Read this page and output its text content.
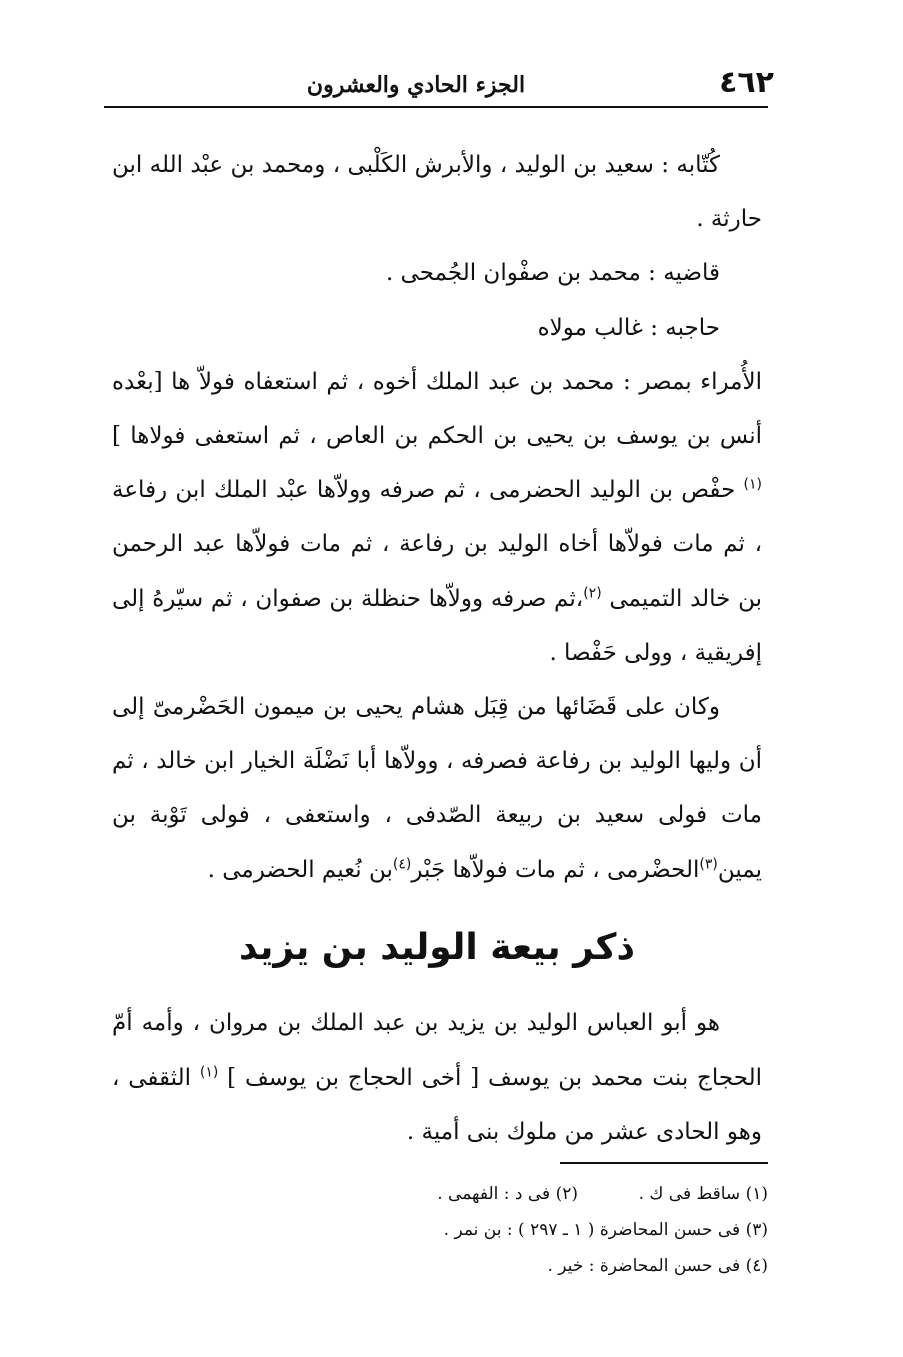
٤٦٢
الجزء الحادي والعشرون

كُتّابه : سعيد بن الوليد ، والأبرش الكَلْبى ، ومحمد بن عبْد الله ابن حارثة .

قاضيه : محمد بن صفْوان الجُمحى .

حاجبه : غالب مولاه

الأُمراء بمصر : محمد بن عبد الملك أخوه ، ثم استعفاه فولاّ ها [بعْده أنس بن يوسف بن يحيى بن الحكم بن العاص ، ثم استعفى فولاها ] $^{(١)}$ حفْص بن الوليد الحضرمى ، ثم صرفه وولاّها عبْد الملك ابن رفاعة ، ثم مات فولاّها أخاه الوليد بن رفاعة ، ثم مات فولاّها عبد الرحمن بن خالد التميمى $^{(٢)}$،ثم صرفه وولاّها حنظلة بن صفوان ، ثم سيّرهُ إلى إفريقية ، وولى حَفْصا .

وكان على قَضَائها من قِبَل هشام يحيى بن ميمون الحَضْرمىّ إلى أن وليها الوليد بن رفاعة فصرفه ، وولاّها أبا نَضْلَة الخيار ابن خالد ، ثم مات فولى سعيد بن ربيعة الصّدفى ، واستعفى ، فولى تَوْبة بن يمين$^{(٣)}$الحضْرمى ، ثم مات فولاّها جَبْر$^{(٤)}$بن نُعيم الحضرمى .

ذكر بيعة الوليد بن يزيد

هو أبو العباس الوليد بن يزيد بن عبد الملك بن مروان ، وأمه أمّ الحجاج بنت محمد بن يوسف [ أخى الحجاج بن يوسف ] $^{(١)}$ الثقفى ، وهو الحادى عشر من ملوك بنى أمية .

(١) ساقط فى ك .
(٢) فى د : الفهمى .
(٣) فى حسن المحاضرة ( ١ ـ ٢٩٧ ) : بن نمر .
(٤) فى حسن المحاضرة : خير .
